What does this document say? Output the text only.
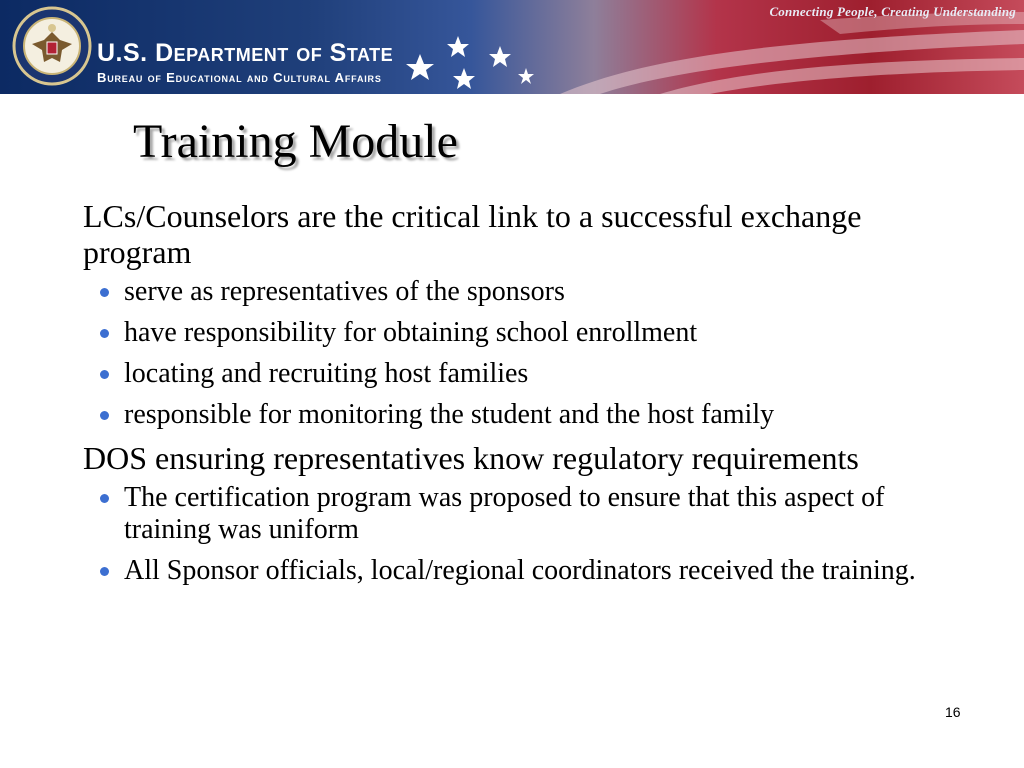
Connecting People, Creating Understanding
U.S. Department of State
Bureau of Educational and Cultural Affairs
Training Module

LCs/Counselors are the critical link to a successful exchange program

serve as representatives of the sponsors
have responsibility for obtaining school enrollment
locating and recruiting host families
responsible for monitoring the student and the host family

DOS ensuring representatives know regulatory requirements

The certification program was proposed to ensure that this aspect of training was uniform
All Sponsor officials, local/regional coordinators received the training.
16
